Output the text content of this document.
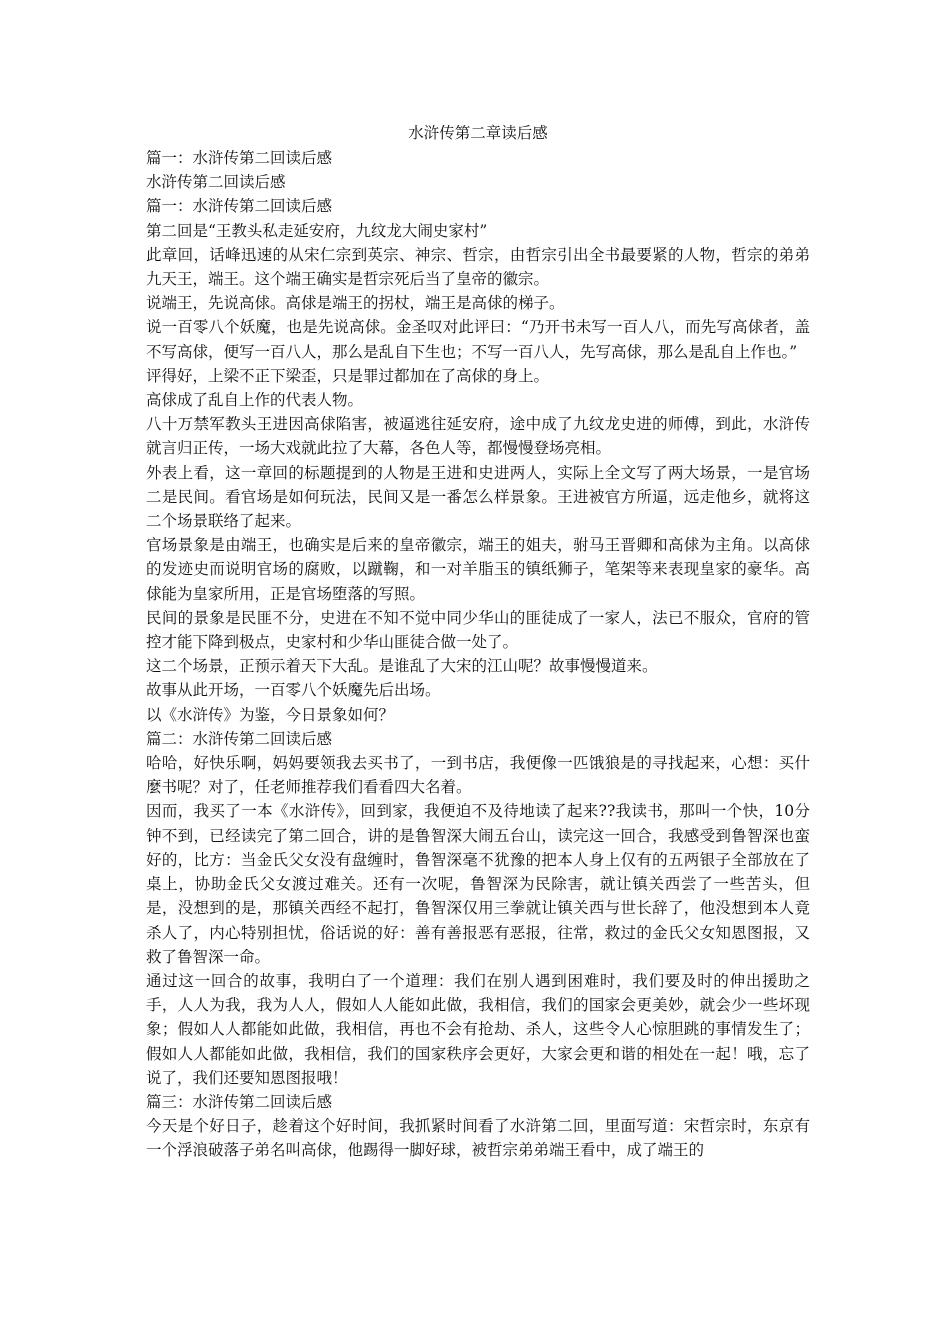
水浒传第二章读后感

篇一：水浒传第二回读后感

水浒传第二回读后感

篇一：水浒传第二回读后感

第二回是“王教头私走延安府，九纹龙大闹史家村”

此章回，话峰迅速的从宋仁宗到英宗、神宗、哲宗，由哲宗引出全书最要紧的人物，哲宗的弟弟九天王，端王。这个端王确实是哲宗死后当了皇帝的徽宗。

说端王，先说高俅。高俅是端王的拐杖，端王是高俅的梯子。

说一百零八个妖魔，也是先说高俅。金圣叹对此评曰：“乃开书未写一百人八，而先写高俅者，盖不写高俅，便写一百八人，那么是乱自下生也；不写一百八人，先写高俅，那么是乱自上作也。”

评得好，上梁不正下梁歪，只是罪过都加在了高俅的身上。

高俅成了乱自上作的代表人物。

八十万禁军教头王进因高俅陷害，被逼逃往延安府，途中成了九纹龙史进的师傅，到此，水浒传就言归正传，一场大戏就此拉了大幕，各色人等，都慢慢登场亮相。

外表上看，这一章回的标题提到的人物是王进和史进两人，实际上全文写了两大场景，一是官场二是民间。看官场是如何玩法，民间又是一番怎么样景象。王进被官方所逼，远走他乡，就将这二个场景联络了起来。

官场景象是由端王，也确实是后来的皇帝徽宗，端王的姐夫，驸马王晋卿和高俅为主角。以高俅的发迹史而说明官场的腐败，以蹴鞠，和一对羊脂玉的镇纸狮子，笔架等来表现皇家的豪华。高俅能为皇家所用，正是官场堕落的写照。

民间的景象是民匪不分，史进在不知不觉中同少华山的匪徒成了一家人，法已不服众，官府的管控才能下降到极点，史家村和少华山匪徒合做一处了。

这二个场景，正预示着天下大乱。是谁乱了大宋的江山呢？故事慢慢道来。

故事从此开场，一百零八个妖魔先后出场。

以《水浒传》为鉴，今日景象如何？

篇二：水浒传第二回读后感

哈哈，好快乐啊，妈妈要领我去买书了，一到书店，我便像一匹饿狼是的寻找起来，心想：买什麼书呢？对了，任老师推荐我们看看四大名着。

因而，我买了一本《水浒传》，回到家，我便迫不及待地读了起来??我读书，那叫一个快，10分钟不到，已经读完了第二回合，讲的是鲁智深大闹五台山，读完这一回合，我感受到鲁智深也蛮好的，比方：当金氏父女没有盘缠时，鲁智深毫不犹豫的把本人身上仅有的五两银子全部放在了桌上，协助金氏父女渡过难关。还有一次呢，鲁智深为民除害，就让镇关西尝了一些苦头，但是，没想到的是，那镇关西经不起打，鲁智深仅用三拳就让镇关西与世长辞了，他没想到本人竟杀人了，内心特别担忧，俗话说的好：善有善报恶有恶报，往常，救过的金氏父女知恩图报，又救了鲁智深一命。

通过这一回合的故事，我明白了一个道理：我们在别人遇到困难时，我们要及时的伸出援助之手，人人为我，我为人人，假如人人能如此做，我相信，我们的国家会更美妙，就会少一些坏现象；假如人人都能如此做，我相信，再也不会有抢劫、杀人，这些令人心惊胆跳的事情发生了；假如人人都能如此做，我相信，我们的国家秩序会更好，大家会更和谐的相处在一起！哦，忘了说了，我们还要知恩图报哦！

篇三：水浒传第二回读后感

今天是个好日子，趁着这个好时间，我抓紧时间看了水浒第二回，里面写道：宋哲宗时，东京有一个浮浪破落子弟名叫高俅，他踢得一脚好球，被哲宗弟弟端王看中，成了端王的
